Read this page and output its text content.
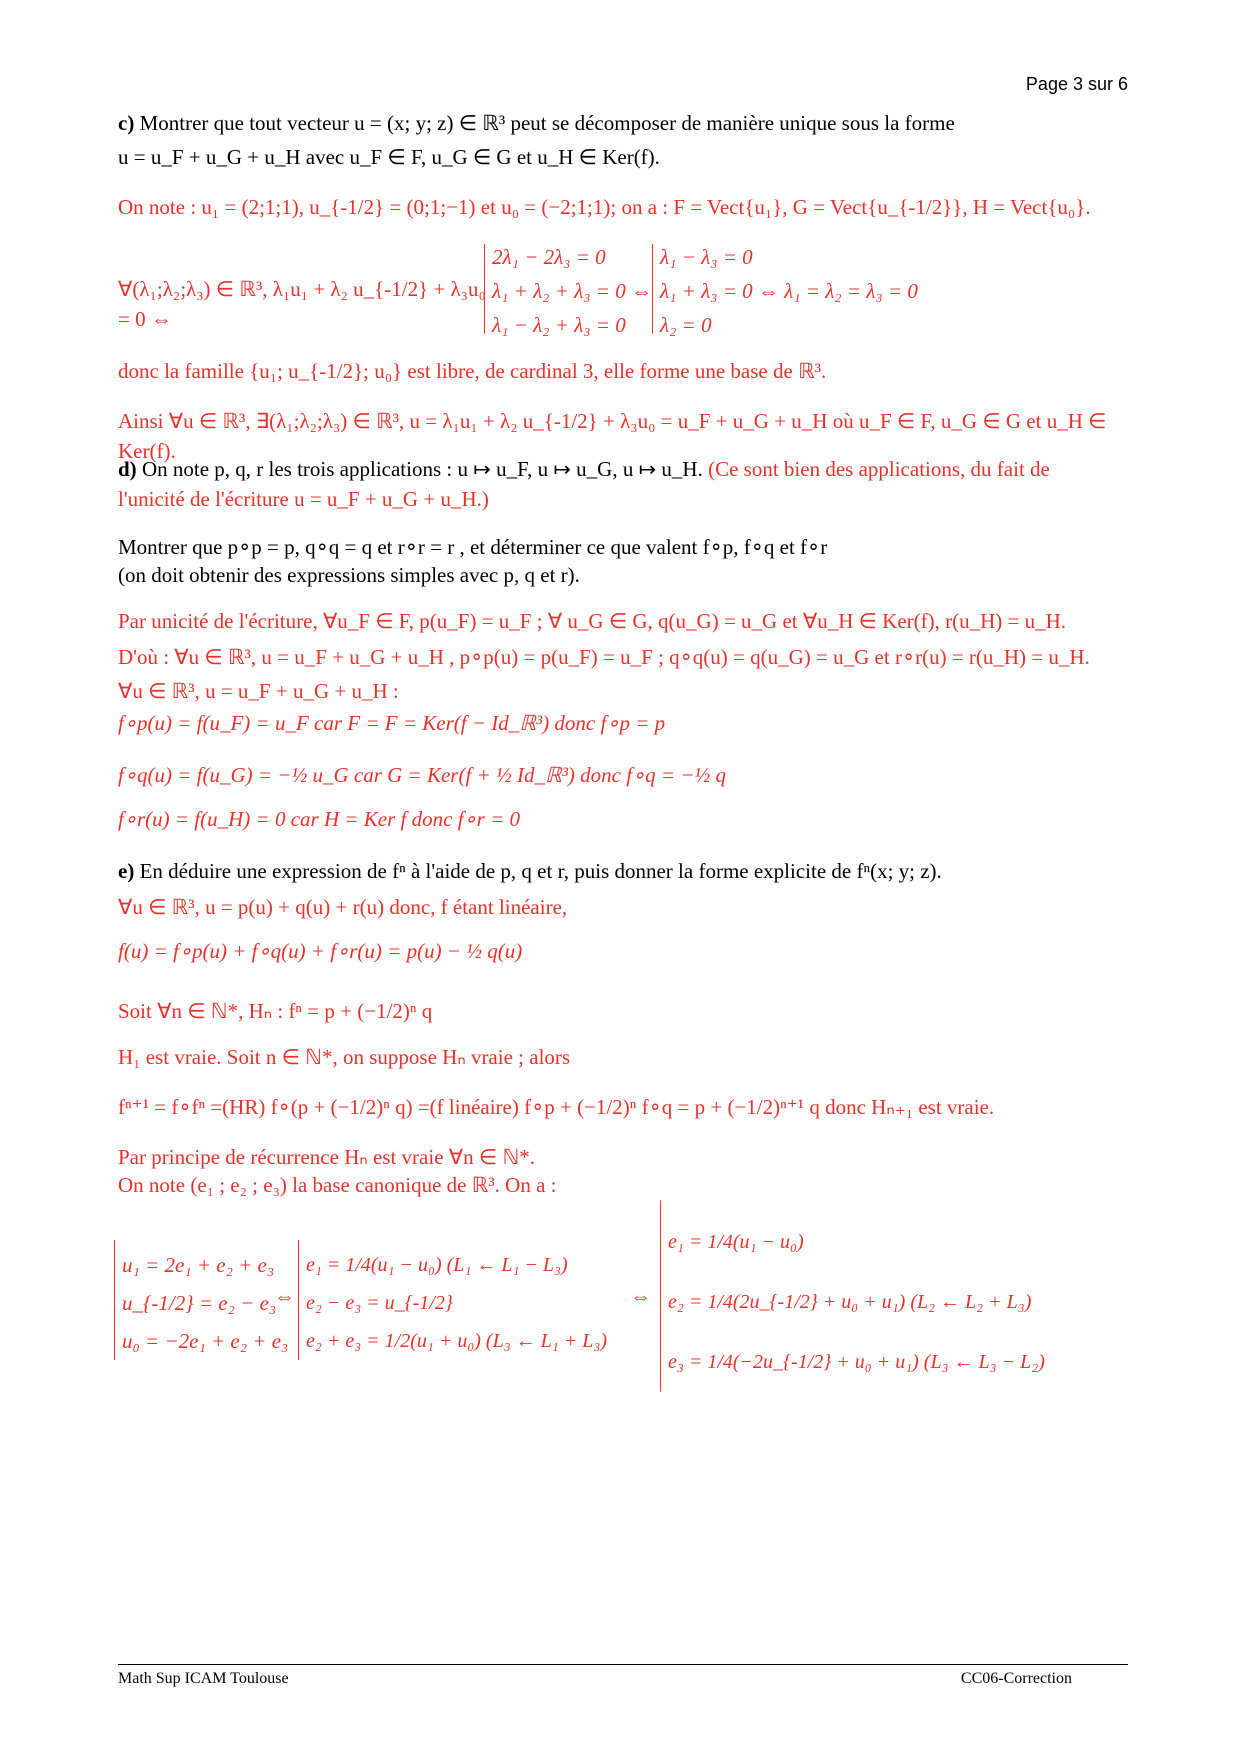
Page 3 sur 6
c) Montrer que tout vecteur u = (x; y; z) ∈ ℝ³ peut se décomposer de manière unique sous la forme
u = u_F + u_G + u_H avec u_F ∈ F, u_G ∈ G et u_H ∈ Ker(f).
On note : u₁ = (2;1;1), u_{-1/2} = (0;1;−1) et u₀ = (−2;1;1); on a : F = Vect{u₁}, G = Vect{u_{-1/2}}, H = Vect{u₀}.
∀(λ₁;λ₂;λ₃) ∈ ℝ³, λ₁u₁ + λ₂ u_{-1/2} + λ₃u₀ = 0 ⇔
2λ₁ − 2λ₃ = 0
λ₁ + λ₂ + λ₃ = 0 ⇔
λ₁ − λ₂ + λ₃ = 0
λ₁ − λ₃ = 0
λ₁ + λ₃ = 0 ⇔ λ₁ = λ₂ = λ₃ = 0
λ₂ = 0
donc la famille {u₁; u_{-1/2}; u₀} est libre, de cardinal 3, elle forme une base de ℝ³.
Ainsi ∀u ∈ ℝ³, ∃(λ₁;λ₂;λ₃) ∈ ℝ³, u = λ₁u₁ + λ₂ u_{-1/2} + λ₃u₀ = u_F + u_G + u_H où u_F ∈ F, u_G ∈ G et u_H ∈ Ker(f).
d) On note p, q, r les trois applications : u ↦ u_F, u ↦ u_G, u ↦ u_H. (Ce sont bien des applications, du fait de
l'unicité de l'écriture u = u_F + u_G + u_H.)
Montrer que p∘p = p, q∘q = q et r∘r = r , et déterminer ce que valent f∘p, f∘q et f∘r
(on doit obtenir des expressions simples avec p, q et r).
Par unicité de l'écriture, ∀u_F ∈ F, p(u_F) = u_F ; ∀ u_G ∈ G, q(u_G) = u_G et ∀u_H ∈ Ker(f), r(u_H) = u_H.
D'où : ∀u ∈ ℝ³, u = u_F + u_G + u_H , p∘p(u) = p(u_F) = u_F ; q∘q(u) = q(u_G) = u_G et r∘r(u) = r(u_H) = u_H.
∀u ∈ ℝ³, u = u_F + u_G + u_H :
f∘p(u) = f(u_F) = u_F car F = F = Ker(f − Id_ℝ³) donc f∘p = p
f∘q(u) = f(u_G) = −½ u_G car G = Ker(f + ½ Id_ℝ³) donc f∘q = −½ q
f∘r(u) = f(u_H) = 0 car H = Ker f donc f∘r = 0
e) En déduire une expression de fⁿ à l'aide de p, q et r, puis donner la forme explicite de fⁿ(x; y; z).
∀u ∈ ℝ³, u = p(u) + q(u) + r(u) donc, f étant linéaire,
f(u) = f∘p(u) + f∘q(u) + f∘r(u) = p(u) − ½ q(u)
Soit ∀n ∈ ℕ*, Hₙ : fⁿ = p + (−1/2)ⁿ q
H₁ est vraie. Soit n ∈ ℕ*, on suppose Hₙ vraie ; alors
fⁿ⁺¹ = f∘fⁿ =(HR) f∘(p + (−1/2)ⁿ q) =(f linéaire) f∘p + (−1/2)ⁿ f∘q = p + (−1/2)ⁿ⁺¹ q donc Hₙ₊₁ est vraie.
Par principe de récurrence Hₙ est vraie ∀n ∈ ℕ*.
On note (e₁ ; e₂ ; e₃) la base canonique de ℝ³. On a :
u₁ = 2e₁ + e₂ + e₃
u_{-1/2} = e₂ − e₃
u₀ = −2e₁ + e₂ + e₃
⇔
e₁ = 1/4(u₁ − u₀) (L₁ ← L₁ − L₃)
e₂ − e₃ = u_{-1/2}
e₂ + e₃ = 1/2(u₁ + u₀) (L₃ ← L₁ + L₃)
⇔
e₁ = 1/4(u₁ − u₀)
e₂ = 1/4(2u_{-1/2} + u₀ + u₁) (L₂ ← L₂ + L₃)
e₃ = 1/4(−2u_{-1/2} + u₀ + u₁) (L₃ ← L₃ − L₂)
Math Sup ICAM Toulouse	CC06-Correction
